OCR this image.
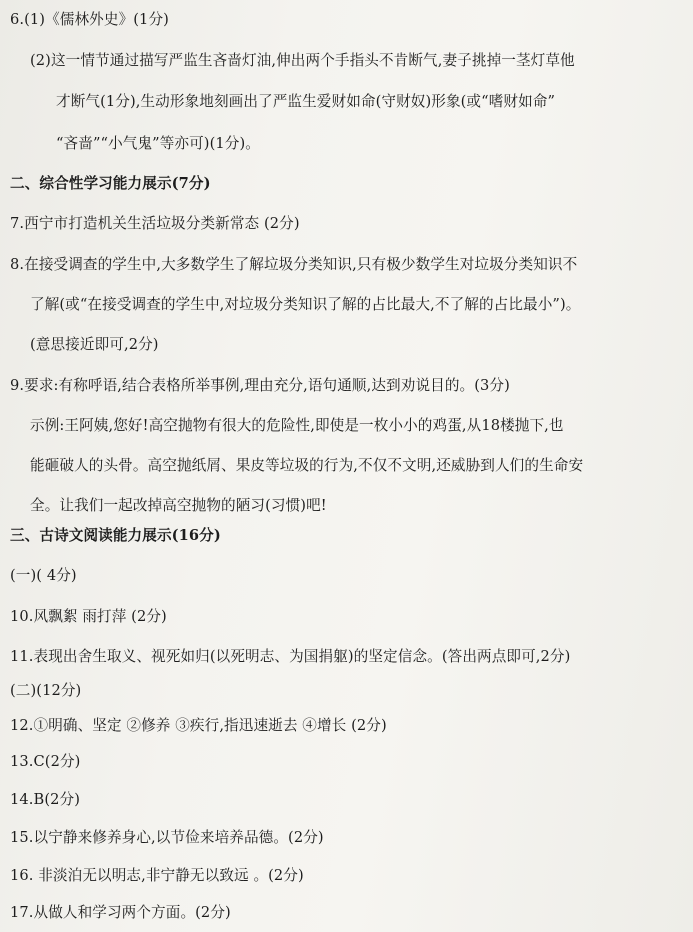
6.(1)《儒林外史》(1分)
(2)这一情节通过描写严监生吝啬灯油,伸出两个手指头不肯断气,妻子挑掉一茎灯草他
才断气(1分),生动形象地刻画出了严监生爱财如命(守财奴)形象(或“嗜财如命”
“吝啬”“小气鬼”等亦可)(1分)。
二、综合性学习能力展示(7分)
7.西宁市打造机关生活垃圾分类新常态 (2分)
8.在接受调查的学生中,大多数学生了解垃圾分类知识,只有极少数学生对垃圾分类知识不
了解(或“在接受调查的学生中,对垃圾分类知识了解的占比最大,不了解的占比最小”)。
(意思接近即可,2分)
9.要求:有称呼语,结合表格所举事例,理由充分,语句通顺,达到劝说目的。(3分)
示例:王阿姨,您好!高空抛物有很大的危险性,即使是一枚小小的鸡蛋,从18楼抛下,也
能砸破人的头骨。高空抛纸屑、果皮等垃圾的行为,不仅不文明,还威胁到人们的生命安
全。让我们一起改掉高空抛物的陋习(习惯)吧!
三、古诗文阅读能力展示(16分)
(一)( 4分)
10.风飘絮 雨打萍 (2分)
11.表现出舍生取义、视死如归(以死明志、为国捐躯)的坚定信念。(答出两点即可,2分)
(二)(12分)
12.①明确、坚定 ②修养 ③疾行,指迅速逝去 ④增长 (2分)
13.C(2分)
14.B(2分)
15.以宁静来修养身心,以节俭来培养品德。(2分)
16. 非淡泊无以明志,非宁静无以致远 。(2分)
17.从做人和学习两个方面。(2分)
